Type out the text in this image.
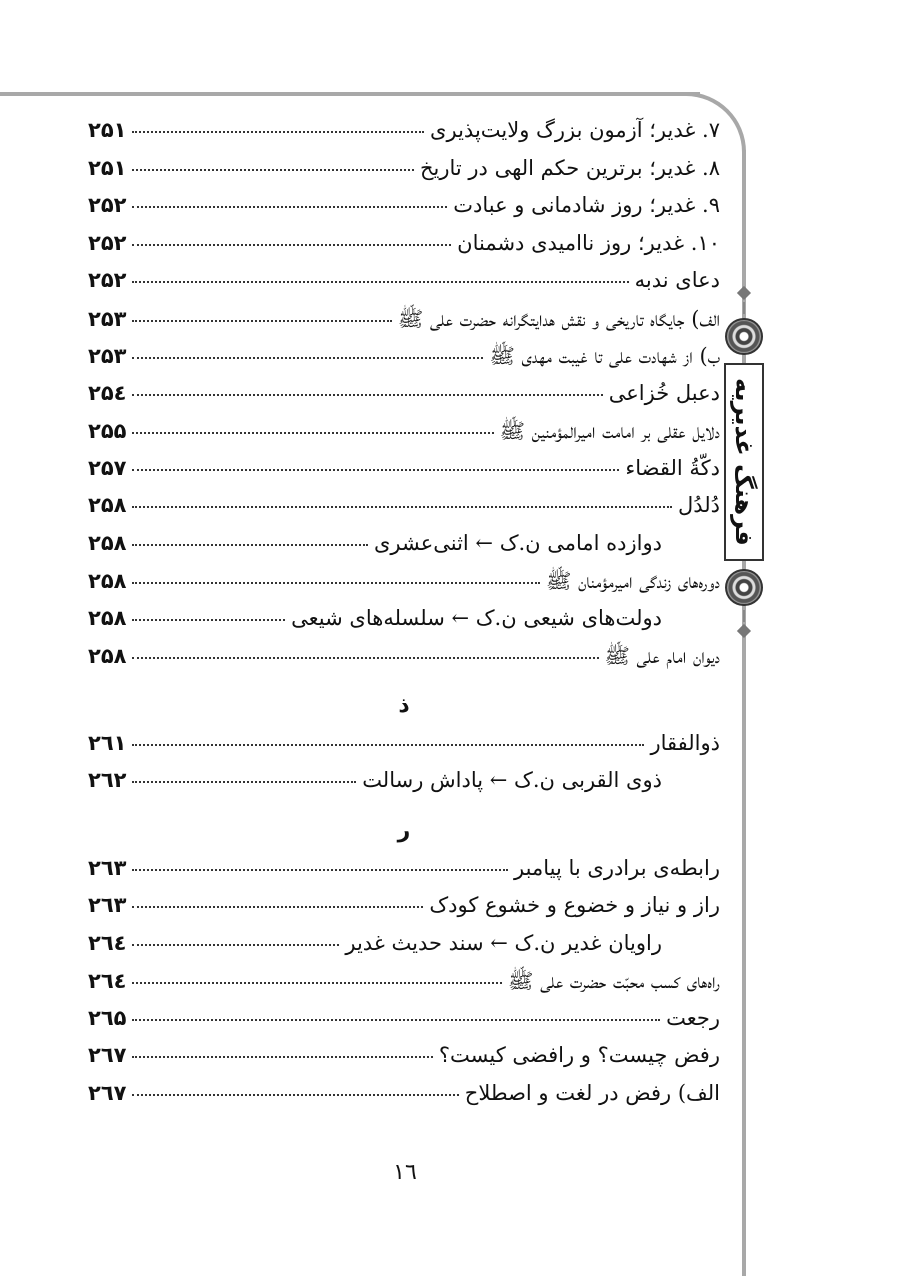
فرهنگ غدیریه
۷. غدیر؛ آزمون بزرگ ولایت‌پذیری
۲۵۱
۸. غدیر؛ برترین حکم الهی در تاریخ
۲۵۱
۹. غدیر؛ روز شادمانی و عبادت
۲۵۲
۱۰. غدیر؛ روز ناامیدی دشمنان
۲۵۲
دعای ندبه
۲۵۲
الف) جایگاه تاریخی و نقش هدایتگرانه حضرت علی ﷺ
۲۵۳
ب) از شهادت علی تا غیبت مهدی ﷺ
۲۵۳
دعبل خُزاعی
۲۵٤
دلایل عقلی بر امامت امیرالمؤمنین ﷺ
۲۵۵
دكّةُ القضاء
۲۵۷
دُلدُل
۲۵۸
دوازده امامی ن.ک ← اثنی‌عشری
۲۵۸
دوره‌های زندگی امیرمؤمنان ﷺ
۲۵۸
دولت‌های شیعی ن.ک ← سلسله‌های شیعی
۲۵۸
دیوان امام علی ﷺ
۲۵۸
ذ
ذوالفقار
۲٦۱
ذوی القربی ن.ک ← پاداش رسالت
۲٦۲
ر
رابطه‌ی برادری با پیامبر
۲٦۳
راز و نیاز و خضوع و خشوع کودک
۲٦۳
راویان غدیر ن.ک ← سند حدیث غدیر
۲٦٤
راه‌های کسب محبّت حضرت علی ﷺ
۲٦٤
رجعت
۲٦۵
رفض چیست؟ و رافضی کیست؟
۲٦۷
الف) رفض در لغت و اصطلاح
۲٦۷
۱٦
